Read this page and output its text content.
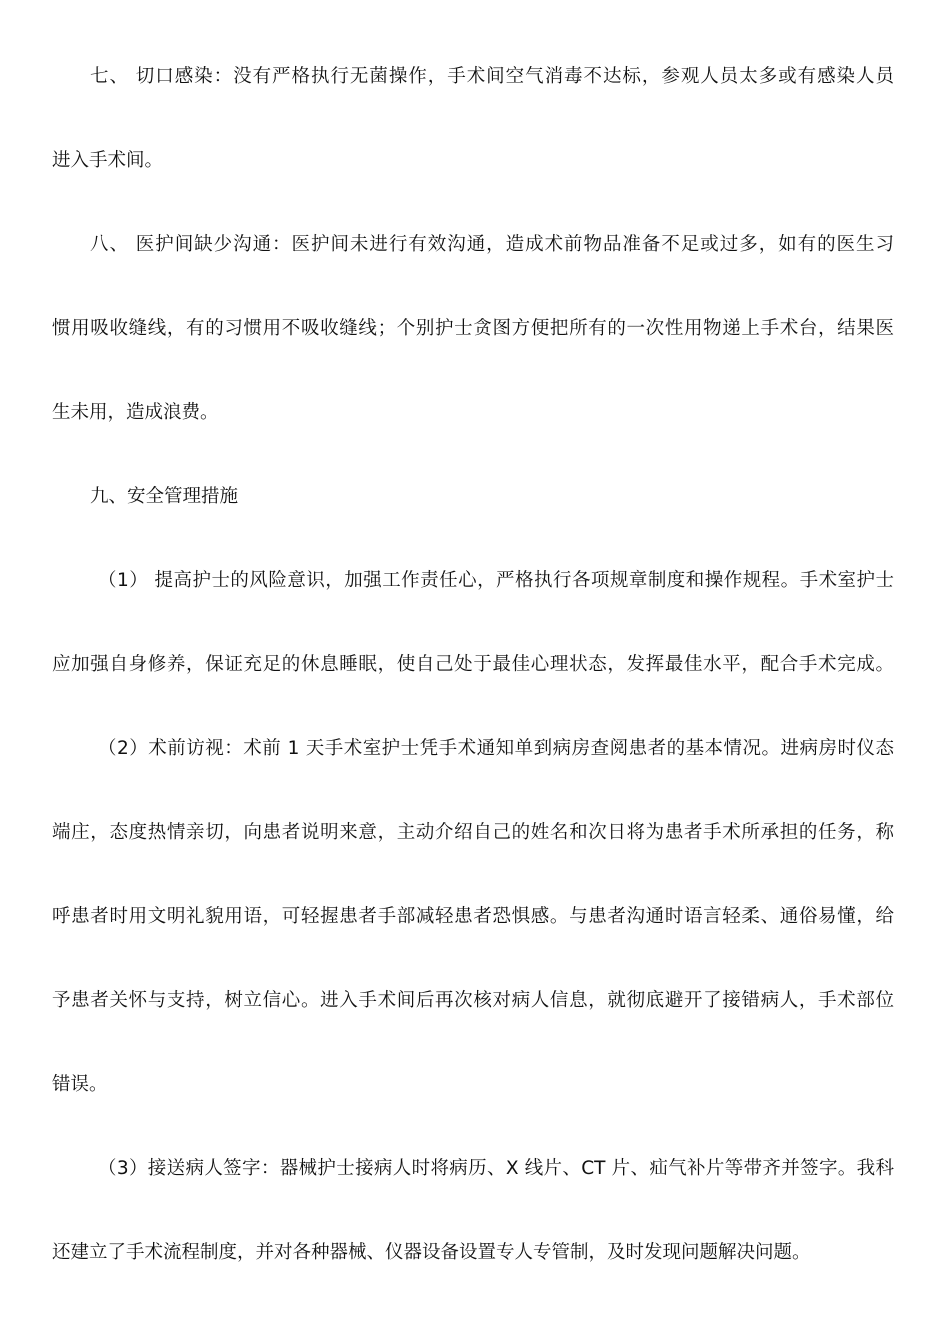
七、 切口感染：没有严格执行无菌操作，手术间空气消毒不达标，参观人员太多或有感染人员
进入手术间。
八、 医护间缺少沟通：医护间未进行有效沟通，造成术前物品准备不足或过多，如有的医生习
惯用吸收缝线，有的习惯用不吸收缝线；个别护士贪图方便把所有的一次性用物递上手术台，结果医
生未用，造成浪费。
九、安全管理措施
（1） 提高护士的风险意识，加强工作责任心，严格执行各项规章制度和操作规程。手术室护士
应加强自身修养，保证充足的休息睡眠，使自己处于最佳心理状态，发挥最佳水平，配合手术完成。
（2）术前访视：术前 1 天手术室护士凭手术通知单到病房查阅患者的基本情况。进病房时仪态
端庄，态度热情亲切，向患者说明来意，主动介绍自己的姓名和次日将为患者手术所承担的任务，称
呼患者时用文明礼貌用语，可轻握患者手部减轻患者恐惧感。与患者沟通时语言轻柔、通俗易懂，给
予患者关怀与支持，树立信心。进入手术间后再次核对病人信息，就彻底避开了接错病人，手术部位
错误。
（3）接送病人签字：器械护士接病人时将病历、X 线片、CT 片、疝气补片等带齐并签字。我科
还建立了手术流程制度，并对各种器械、仪器设备设置专人专管制，及时发现问题解决问题。
